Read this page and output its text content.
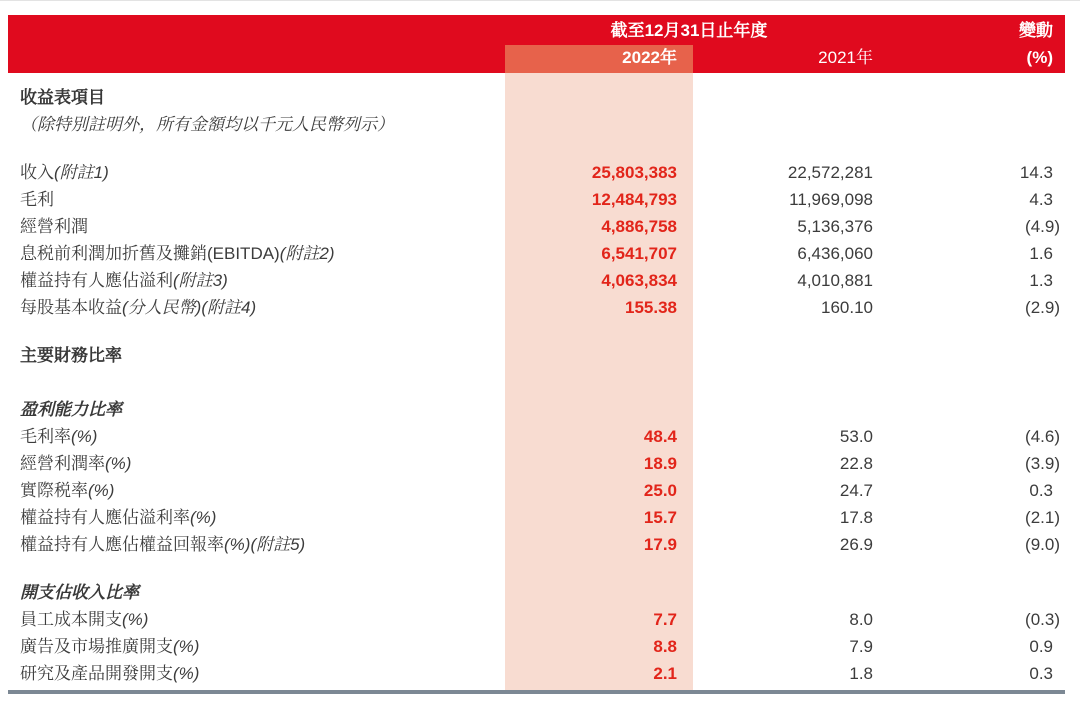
截至12月31日止年度	變動
2022年	2021年	(%)
收益表項目
（除特別註明外，所有金額均以千元人民幣列示）
收入(附註1)	25,803,383	22,572,281	14.3
毛利	12,484,793	11,969,098	4.3
經營利潤	4,886,758	5,136,376	(4.9)
息税前利潤加折舊及攤銷(EBITDA)(附註2)	6,541,707	6,436,060	1.6
權益持有人應佔溢利(附註3)	4,063,834	4,010,881	1.3
每股基本收益(分人民幣)(附註4)	155.38	160.10	(2.9)
主要財務比率
盈利能力比率
毛利率(%)	48.4	53.0	(4.6)
經營利潤率(%)	18.9	22.8	(3.9)
實際税率(%)	25.0	24.7	0.3
權益持有人應佔溢利率(%)	15.7	17.8	(2.1)
權益持有人應佔權益回報率(%)(附註5)	17.9	26.9	(9.0)
開支佔收入比率
員工成本開支(%)	7.7	8.0	(0.3)
廣告及市場推廣開支(%)	8.8	7.9	0.9
研究及產品開發開支(%)	2.1	1.8	0.3
